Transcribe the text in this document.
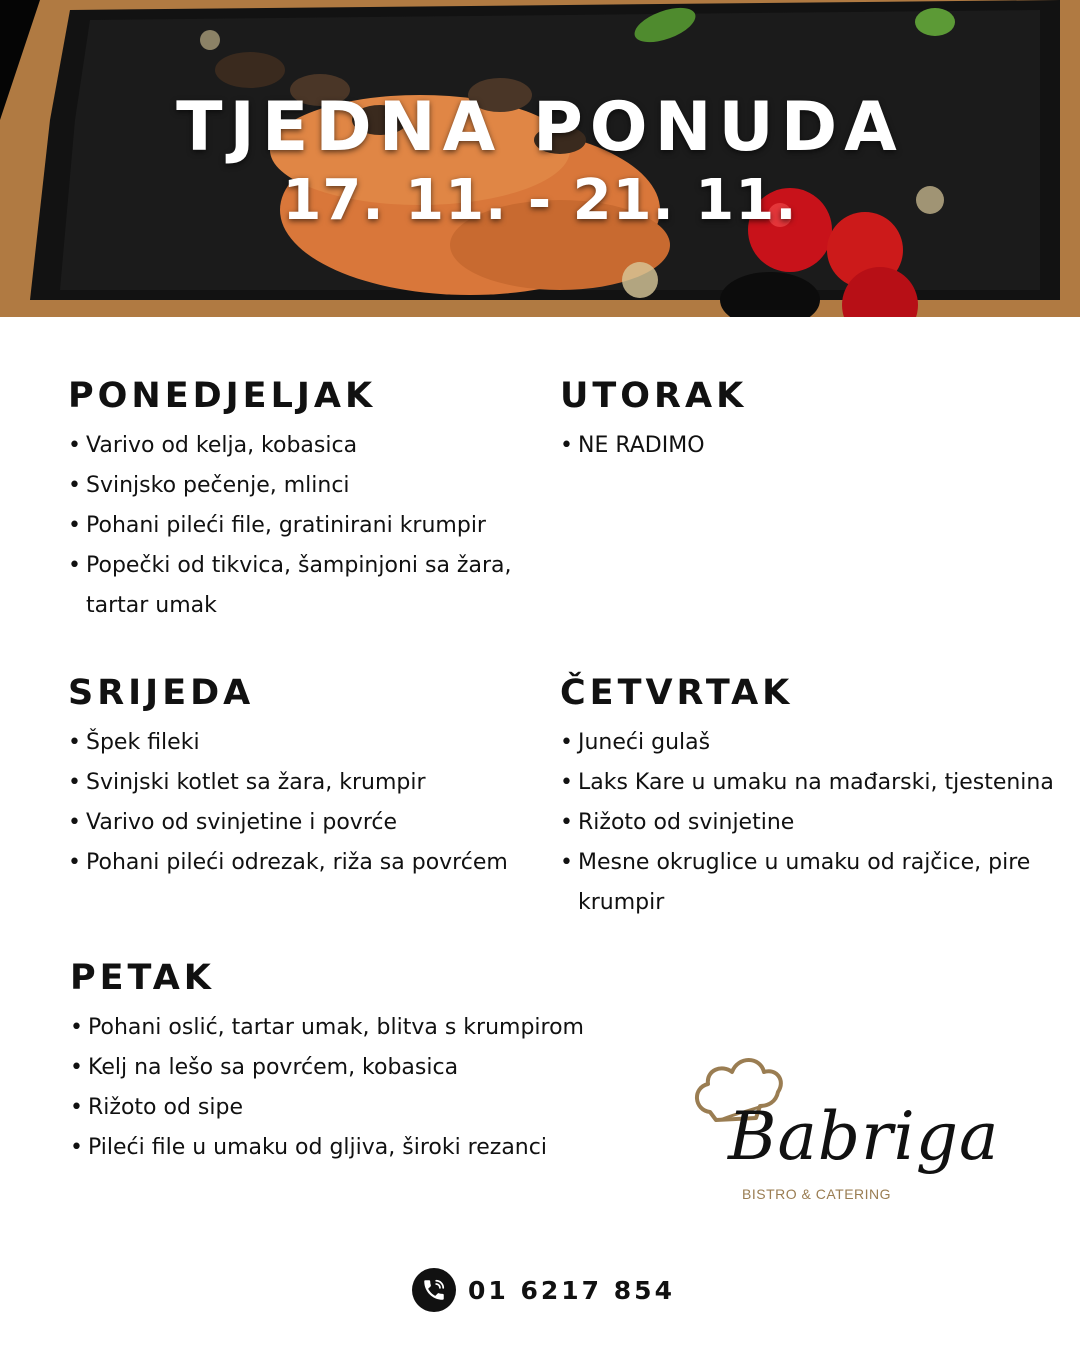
TJEDNA PONUDA
17. 11. - 21. 11.
PONEDJELJAK
• Varivo od kelja, kobasica
• Svinjsko pečenje, mlinci
• Pohani pileći file, gratinirani krumpir
• Popečki od tikvica, šampinjoni sa žara, tartar umak
UTORAK
• NE RADIMO
SRIJEDA
• Špek fileki
• Svinjski kotlet sa žara, krumpir
• Varivo od svinjetine i povrće
• Pohani pileći odrezak, riža sa povrćem
ČETVRTAK
• Juneći gulaš
• Laks Kare u umaku na mađarski, tjestenina
• Rižoto od svinjetine
• Mesne okruglice u umaku od rajčice, pire krumpir
PETAK
• Pohani oslić, tartar umak, blitva s krumpirom
• Kelj na lešo sa povrćem, kobasica
• Rižoto od sipe
• Pileći file u umaku od gljiva, široki rezanci	Babriga
BISTRO & CATERING
01 6217 854
